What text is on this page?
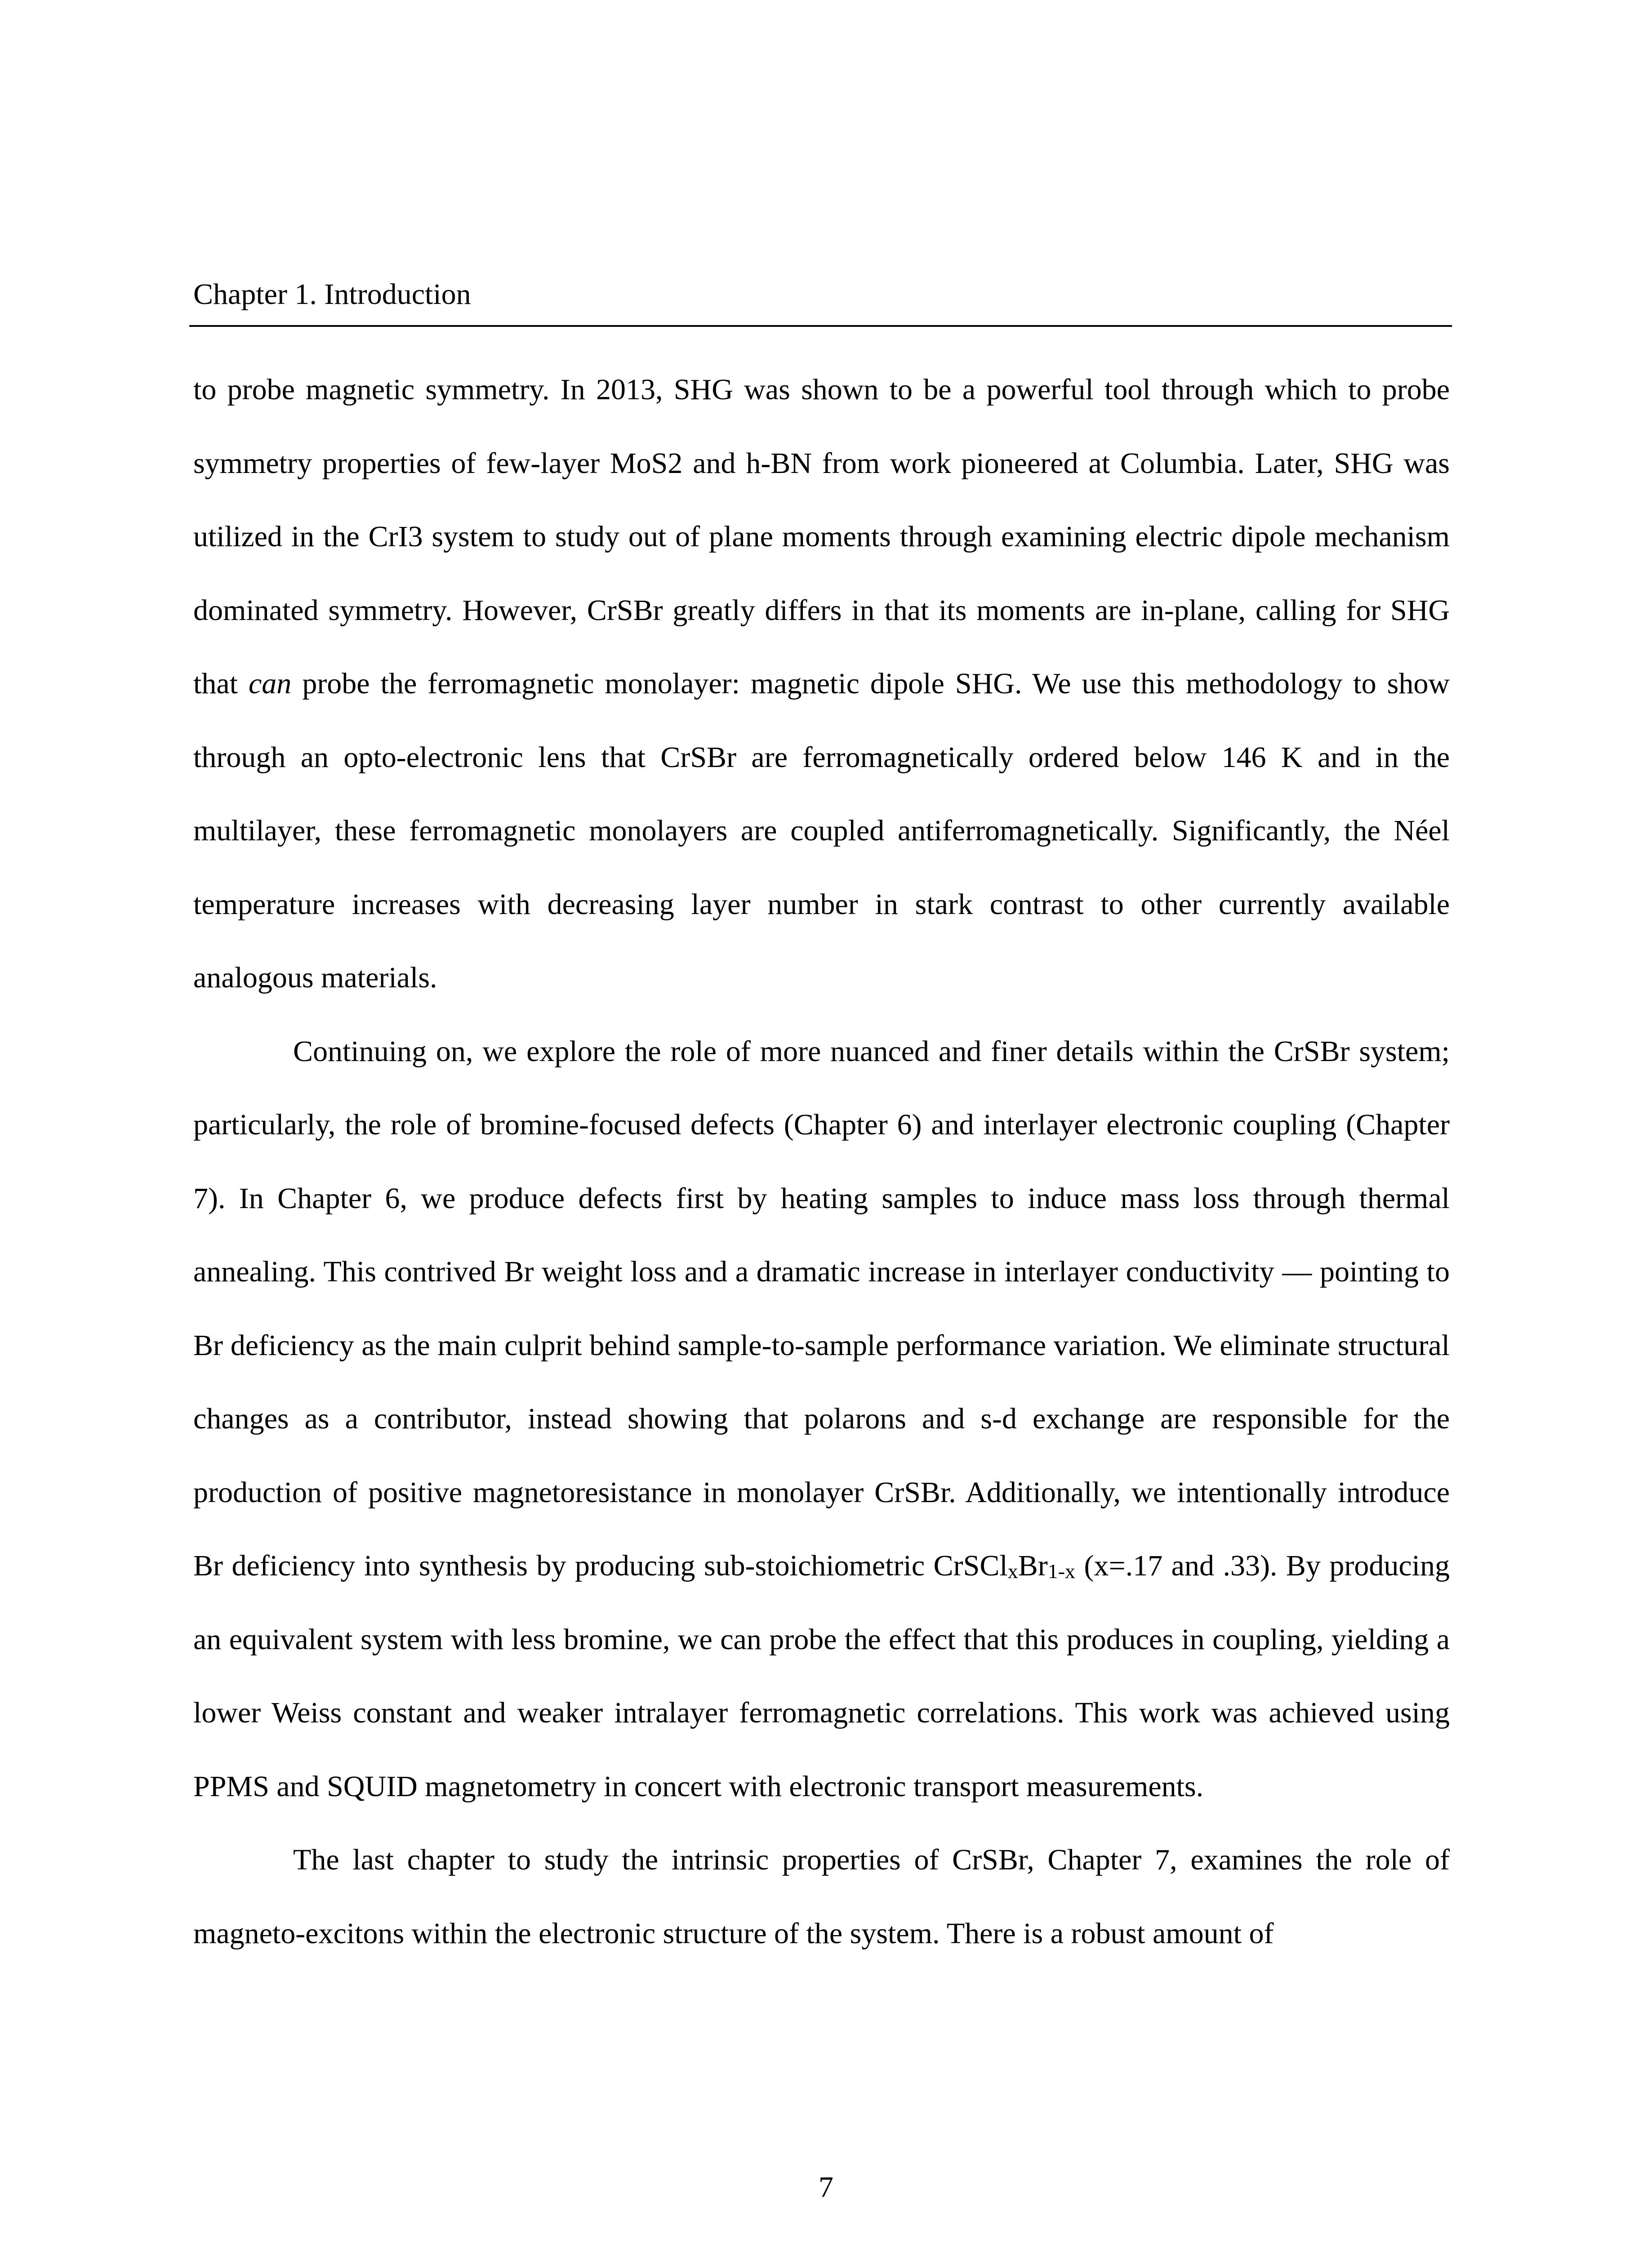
Chapter 1. Introduction

to probe magnetic symmetry. In 2013, SHG was shown to be a powerful tool through which to probe symmetry properties of few-layer MoS2 and h-BN from work pioneered at Columbia. Later, SHG was utilized in the CrI3 system to study out of plane moments through examining electric dipole mechanism dominated symmetry. However, CrSBr greatly differs in that its moments are in-plane, calling for SHG that can probe the ferromagnetic monolayer: magnetic dipole SHG. We use this methodology to show through an opto-electronic lens that CrSBr are ferromagnetically ordered below 146 K and in the multilayer, these ferromagnetic monolayers are coupled antiferromagnetically. Significantly, the Néel temperature increases with decreasing layer number in stark contrast to other currently available analogous materials.

Continuing on, we explore the role of more nuanced and finer details within the CrSBr system; particularly, the role of bromine-focused defects (Chapter 6) and interlayer electronic coupling (Chapter 7). In Chapter 6, we produce defects first by heating samples to induce mass loss through thermal annealing. This contrived Br weight loss and a dramatic increase in interlayer conductivity — pointing to Br deficiency as the main culprit behind sample-to-sample performance variation. We eliminate structural changes as a contributor, instead showing that polarons and s-d exchange are responsible for the production of positive magnetoresistance in monolayer CrSBr. Additionally, we intentionally introduce Br deficiency into synthesis by producing sub-stoichiometric $CrSCl_xBr_{1-x}$ (x=.17 and .33). By producing an equivalent system with less bromine, we can probe the effect that this produces in coupling, yielding a lower Weiss constant and weaker intralayer ferromagnetic correlations. This work was achieved using PPMS and SQUID magnetometry in concert with electronic transport measurements.

The last chapter to study the intrinsic properties of CrSBr, Chapter 7, examines the role of magneto-excitons within the electronic structure of the system. There is a robust amount of

7
